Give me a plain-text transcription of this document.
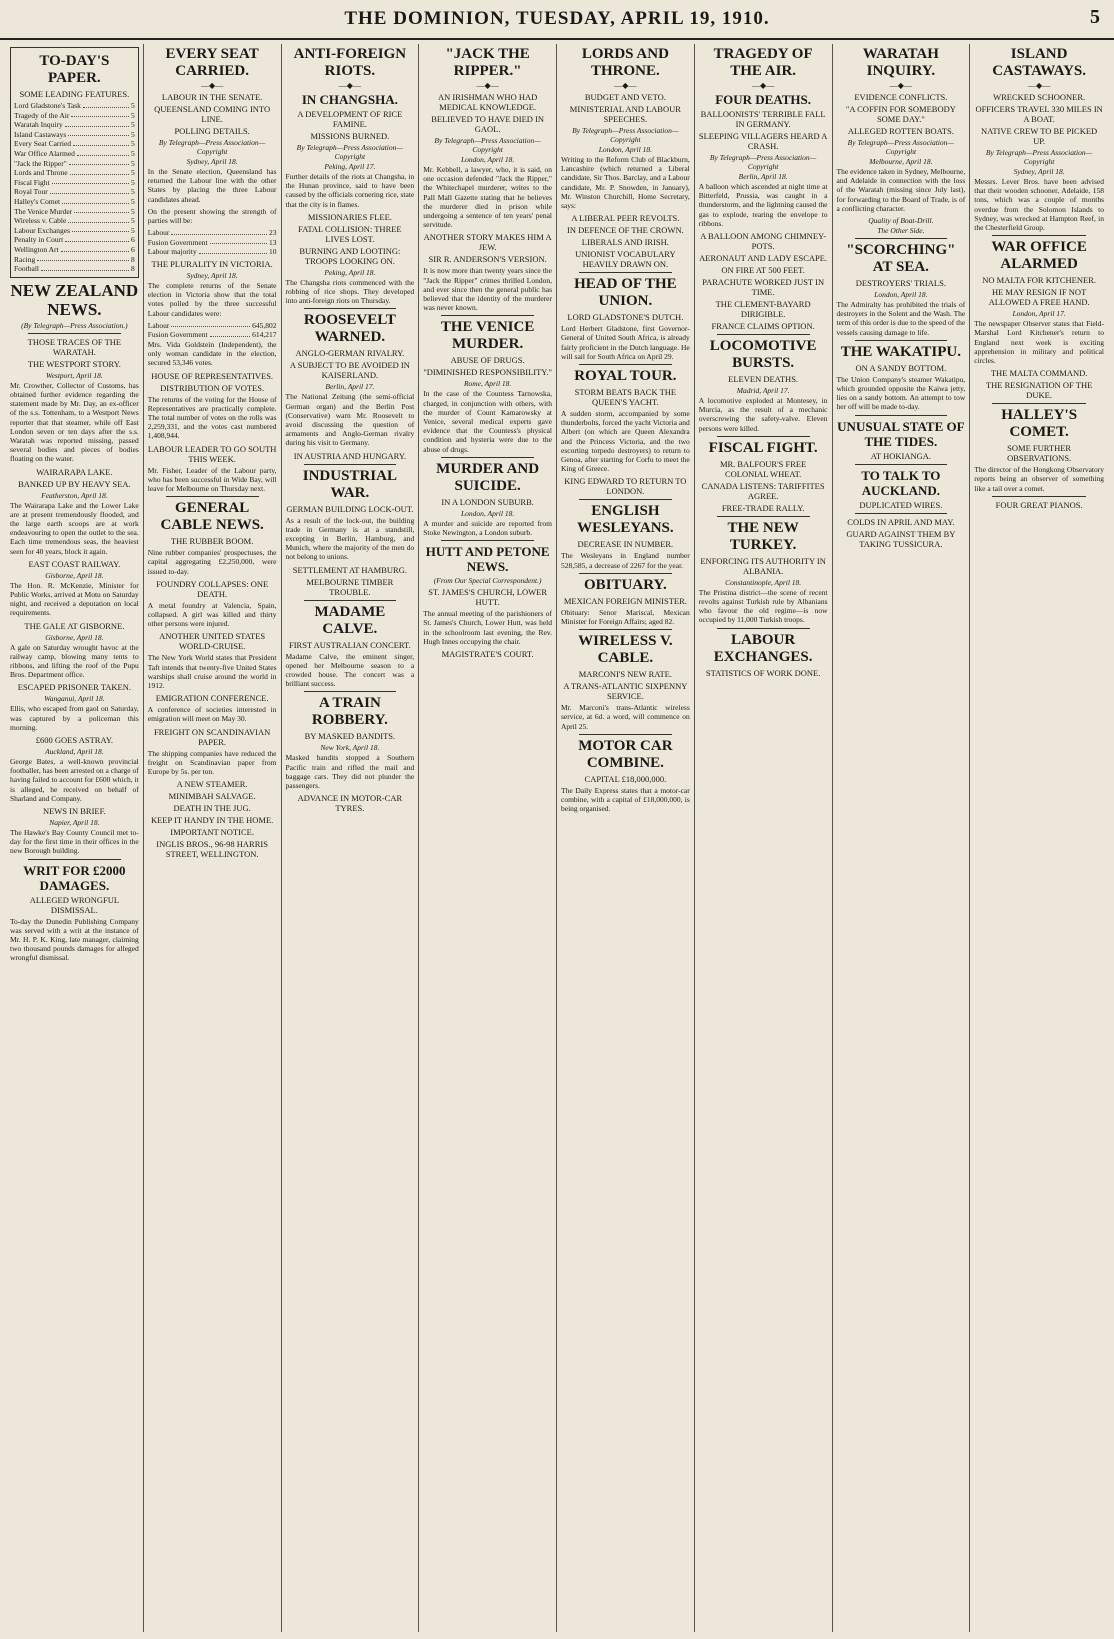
THE DOMINION, TUESDAY, APRIL 19, 1910.	5
TO-DAY'S PAPER.
SOME LEADING FEATURES.
Lord Gladstone's Task	5
Tragedy of the Air	5
Waratah Inquiry	5
Island Castaways	5
Every Seat Carried	5
War Office Alarmed	5
"Jack the Ripper"	5
Lords and Throne	5
Fiscal Fight	5
Royal Tour	5
Halley's Comet	5
The Venice Murder	5
Wireless v. Cable	5
Labour Exchanges	5
Penalty in Court	6
Wellington Art	6
Racing	8
Football	8
NEW ZEALAND NEWS.
(By Telegraph—Press Association.)
THOSE TRACES OF THE WARATAH.
THE WESTPORT STORY.
Westport, April 18.

Mr. Crowther, Collector of Customs, has obtained further evidence regarding the statement made by Mr. Day, an ex-officer of the s.s. Tottenham, to a Westport News reporter that that steamer, while off East London seven or ten days after the s.s. Waratah was reported missing, passed several bodies and pieces of bodies floating on the water.

WAIRARAPA LAKE.
BANKED UP BY HEAVY SEA.
Featherston, April 18.

The Wairarapa Lake and the Lower Lake are at present tremendously flooded, and the large earth scoops are at work endeavouring to open the outlet to the sea. Each time tremendous seas, the heaviest seen for 40 years, block it again.

EAST COAST RAILWAY.
Gisborne, April 18.

The Hon. R. McKenzie, Minister for Public Works, arrived at Motu on Saturday night, and received a deputation on local requirements.

THE GALE AT GISBORNE.
Gisborne, April 18.

A gale on Saturday wrought havoc at the railway camp, blowing many tents to ribbons, and lifting the roof of the Pupu Bros. Department office.

ESCAPED PRISONER TAKEN.
Wanganui, April 18.

Ellis, who escaped from gaol on Saturday, was captured by a policeman this morning.

£600 GOES ASTRAY.
Auckland, April 18.

George Bates, a well-known provincial footballer, has been arrested on a charge of having failed to account for £600 which, it is alleged, he received on behalf of Sharland and Company.

NEWS IN BRIEF.
Napier, April 18.

The Hawke's Bay County Council met to-day for the first time in their offices in the new Borough building.

WRIT FOR £2000 DAMAGES.
ALLEGED WRONGFUL DISMISSAL.

To-day the Dunedin Publishing Company was served with a writ at the instance of Mr. H. P. K. King, late manager, claiming two thousand pounds damages for alleged wrongful dismissal.

EVERY SEAT CARRIED.
—◆—
LABOUR IN THE SENATE.
QUEENSLAND COMING INTO LINE.
POLLING DETAILS.
By Telegraph—Press Association—Copyright
Sydney, April 18.

In the Senate election, Queensland has returned the Labour line with the other States by placing the three Labour candidates ahead.

On the present showing the strength of parties will be:

Labour	23
Fusion Government	13
Labour majority	10
THE PLURALITY IN VICTORIA.
Sydney, April 18.

The complete returns of the Senate election in Victoria show that the total votes polled by the three successful Labour candidates were:

Labour	645,802
Fusion Government	614,217

Mrs. Vida Goldstein (Independent), the only woman candidate in the election, secured 53,346 votes.

HOUSE OF REPRESENTATIVES.
DISTRIBUTION OF VOTES.

The returns of the voting for the House of Representatives are practically complete. The total number of votes on the rolls was 2,259,331, and the votes cast numbered 1,408,944.

LABOUR LEADER TO GO SOUTH THIS WEEK.

Mr. Fisher, Leader of the Labour party, who has been successful in Wide Bay, will leave for Melbourne on Thursday next.

GENERAL CABLE NEWS.
THE RUBBER BOOM.

Nine rubber companies' prospectuses, the capital aggregating £2,250,000, were issued to-day.

FOUNDRY COLLAPSES: ONE DEATH.

A metal foundry at Valencia, Spain, collapsed. A girl was killed and thirty other persons were injured.

ANOTHER UNITED STATES WORLD-CRUISE.

The New York World states that President Taft intends that twenty-five United States warships shall cruise around the world in 1912.

EMIGRATION CONFERENCE.

A conference of societies interested in emigration will meet on May 30.

FREIGHT ON SCANDINAVIAN PAPER.

The shipping companies have reduced the freight on Scandinavian paper from Europe by 5s. per ton.

A NEW STEAMER.
MINIMBAH SALVAGE.
DEATH IN THE JUG.
KEEP IT HANDY IN THE HOME.
IMPORTANT NOTICE.
INGLIS BROS., 96-98 HARRIS STREET, WELLINGTON.
ANTI-FOREIGN RIOTS.
—◆—
IN CHANGSHA.
A DEVELOPMENT OF RICE FAMINE.
MISSIONS BURNED.
By Telegraph—Press Association—Copyright
Peking, April 17.

Further details of the riots at Changsha, in the Hunan province, said to have been caused by the officials cornering rice, state that the city is in flames.

MISSIONARIES FLEE.
FATAL COLLISION: THREE LIVES LOST.
BURNING AND LOOTING: TROOPS LOOKING ON.
Peking, April 18.

The Changsha riots commenced with the robbing of rice shops. They developed into anti-foreign riots on Thursday.

ROOSEVELT WARNED.
ANGLO-GERMAN RIVALRY.
A SUBJECT TO BE AVOIDED IN KAISERLAND.
Berlin, April 17.

The National Zeitung (the semi-official German organ) and the Berlin Post (Conservative) warn Mr. Roosevelt to avoid discussing the question of armaments and Anglo-German rivalry during his visit to Germany.

IN AUSTRIA AND HUNGARY.
INDUSTRIAL WAR.
GERMAN BUILDING LOCK-OUT.

As a result of the lock-out, the building trade in Germany is at a standstill, excepting in Berlin, Hamburg, and Munich, where the majority of the men do not belong to unions.

SETTLEMENT AT HAMBURG.
MELBOURNE TIMBER TROUBLE.
MADAME CALVE.
FIRST AUSTRALIAN CONCERT.

Madame Calve, the eminent singer, opened her Melbourne season to a crowded house. The concert was a brilliant success.

A TRAIN ROBBERY.
BY MASKED BANDITS.
New York, April 18.

Masked bandits stopped a Southern Pacific train and rifled the mail and baggage cars. They did not plunder the passengers.

ADVANCE IN MOTOR-CAR TYRES.
"JACK THE RIPPER."
—◆—
AN IRISHMAN WHO HAD MEDICAL KNOWLEDGE.
BELIEVED TO HAVE DIED IN GAOL.
By Telegraph—Press Association—Copyright
London, April 18.

Mr. Kebbell, a lawyer, who, it is said, on one occasion defended "Jack the Ripper," the Whitechapel murderer, writes to the Pall Mall Gazette stating that he believes the murderer died in prison while undergoing a sentence of ten years' penal servitude.

ANOTHER STORY MAKES HIM A JEW.
SIR R. ANDERSON'S VERSION.

It is now more than twenty years since the "Jack the Ripper" crimes thrilled London, and ever since then the general public has believed that the identity of the murderer was never known.

THE VENICE MURDER.
ABUSE OF DRUGS.
"DIMINISHED RESPONSIBILITY."
Rome, April 18.

In the case of the Countess Tarnowska, charged, in conjunction with others, with the murder of Count Kamarowsky at Venice, several medical experts gave evidence that the Countess's physical condition and hysteria were due to the abuse of drugs.

MURDER AND SUICIDE.
IN A LONDON SUBURB.
London, April 18.

A murder and suicide are reported from Stoke Newington, a London suburb.

HUTT AND PETONE NEWS.
(From Our Special Correspondent.)
ST. JAMES'S CHURCH, LOWER HUTT.

The annual meeting of the parishioners of St. James's Church, Lower Hutt, was held in the schoolroom last evening, the Rev. Hugh Innes occupying the chair.

MAGISTRATE'S COURT.
LORDS AND THRONE.
—◆—
BUDGET AND VETO.
MINISTERIAL AND LABOUR SPEECHES.
By Telegraph—Press Association—Copyright
London, April 18.

Writing to the Reform Club of Blackburn, Lancashire (which returned a Liberal candidate, Sir Thos. Barclay, and a Labour candidate, Mr. P. Snowden, in January), Mr. Winston Churchill, Home Secretary, says:

A LIBERAL PEER REVOLTS.
IN DEFENCE OF THE CROWN.
LIBERALS AND IRISH.
UNIONIST VOCABULARY HEAVILY DRAWN ON.
HEAD OF THE UNION.
LORD GLADSTONE'S DUTCH.

Lord Herbert Gladstone, first Governor-General of United South Africa, is already fairly proficient in the Dutch language. He will sail for South Africa on April 29.

ROYAL TOUR.
STORM BEATS BACK THE QUEEN'S YACHT.

A sudden storm, accompanied by some thunderbolts, forced the yacht Victoria and Albert (on which are Queen Alexandra and the Princess Victoria, and the two escorting torpedo destroyers) to return to Genoa, after starting for Corfu to meet the King of Greece.

KING EDWARD TO RETURN TO LONDON.
ENGLISH WESLEYANS.
DECREASE IN NUMBER.

The Wesleyans in England number 528,585, a decrease of 2267 for the year.

OBITUARY.
MEXICAN FOREIGN MINISTER.

Obituary: Senor Mariscal, Mexican Minister for Foreign Affairs; aged 82.

WIRELESS V. CABLE.
MARCONI'S NEW RATE.
A TRANS-ATLANTIC SIXPENNY SERVICE.

Mr. Marconi's trans-Atlantic wireless service, at 6d. a word, will commence on April 25.

MOTOR CAR COMBINE.
CAPITAL £18,000,000.

The Daily Express states that a motor-car combine, with a capital of £18,000,000, is being organised.

TRAGEDY OF THE AIR.
—◆—
FOUR DEATHS.
BALLOONISTS' TERRIBLE FALL IN GERMANY.
SLEEPING VILLAGERS HEARD A CRASH.
By Telegraph—Press Association—Copyright
Berlin, April 18.

A balloon which ascended at night time at Bitterfeld, Prussia, was caught in a thunderstorm, and the lightning caused the gas to explode, tearing the envelope to ribbons.

A BALLOON AMONG CHIMNEY-POTS.
AERONAUT AND LADY ESCAPE.
ON FIRE AT 500 FEET.
PARACHUTE WORKED JUST IN TIME.
THE CLEMENT-BAYARD DIRIGIBLE.
FRANCE CLAIMS OPTION.
LOCOMOTIVE BURSTS.
ELEVEN DEATHS.
Madrid, April 17.

A locomotive exploded at Montesey, in Murcia, as the result of a mechanic overscrewing the safety-valve. Eleven persons were killed.

FISCAL FIGHT.
MR. BALFOUR'S FREE COLONIAL WHEAT.
CANADA LISTENS: TARIFFITES AGREE.
FREE-TRADE RALLY.
THE NEW TURKEY.
ENFORCING ITS AUTHORITY IN ALBANIA.
Constantinople, April 18.

The Pristina district—the scene of recent revolts against Turkish rule by Albanians who favour the old regime—is now occupied by 11,000 Turkish troops.

LABOUR EXCHANGES.
STATISTICS OF WORK DONE.
WARATAH INQUIRY.
—◆—
EVIDENCE CONFLICTS.
"A COFFIN FOR SOMEBODY SOME DAY."
ALLEGED ROTTEN BOATS.
By Telegraph—Press Association—Copyright
Melbourne, April 18.

The evidence taken in Sydney, Melbourne, and Adelaide in connection with the loss of the Waratah (missing since July last), for forwarding to the Board of Trade, is of a conflicting character.

Quality of Boat-Drill.
The Other Side.
"SCORCHING" AT SEA.
DESTROYERS' TRIALS.
London, April 18.

The Admiralty has prohibited the trials of destroyers in the Solent and the Wash. The term of this order is due to the speed of the vessels causing damage to life.

THE WAKATIPU.
ON A SANDY BOTTOM.

The Union Company's steamer Wakatipu, which grounded opposite the Kaiwa jetty, lies on a sandy bottom. An attempt to tow her off will be made to-day.

UNUSUAL STATE OF THE TIDES.
AT HOKIANGA.
TO TALK TO AUCKLAND.
DUPLICATED WIRES.
COLDS IN APRIL AND MAY.
GUARD AGAINST THEM BY TAKING TUSSICURA.
ISLAND CASTAWAYS.
—◆—
WRECKED SCHOONER.
OFFICERS TRAVEL 330 MILES IN A BOAT.
NATIVE CREW TO BE PICKED UP.
By Telegraph—Press Association—Copyright
Sydney, April 18.

Messrs. Lever Bros. have been advised that their wooden schooner, Adelaide, 158 tons, which was a couple of months overdue from the Solomon Islands to Sydney, was wrecked at Hampton Reef, in the Chesterfield Group.

WAR OFFICE ALARMED
NO MALTA FOR KITCHENER.
HE MAY RESIGN IF NOT ALLOWED A FREE HAND.
London, April 17.

The newspaper Observer states that Field-Marshal Lord Kitchener's return to England next week is exciting apprehension in military and political circles.

THE MALTA COMMAND.
THE RESIGNATION OF THE DUKE.
HALLEY'S COMET.
SOME FURTHER OBSERVATIONS.

The director of the Hongkong Observatory reports being an observer of something like a tail over a comet.

FOUR GREAT PIANOS.
